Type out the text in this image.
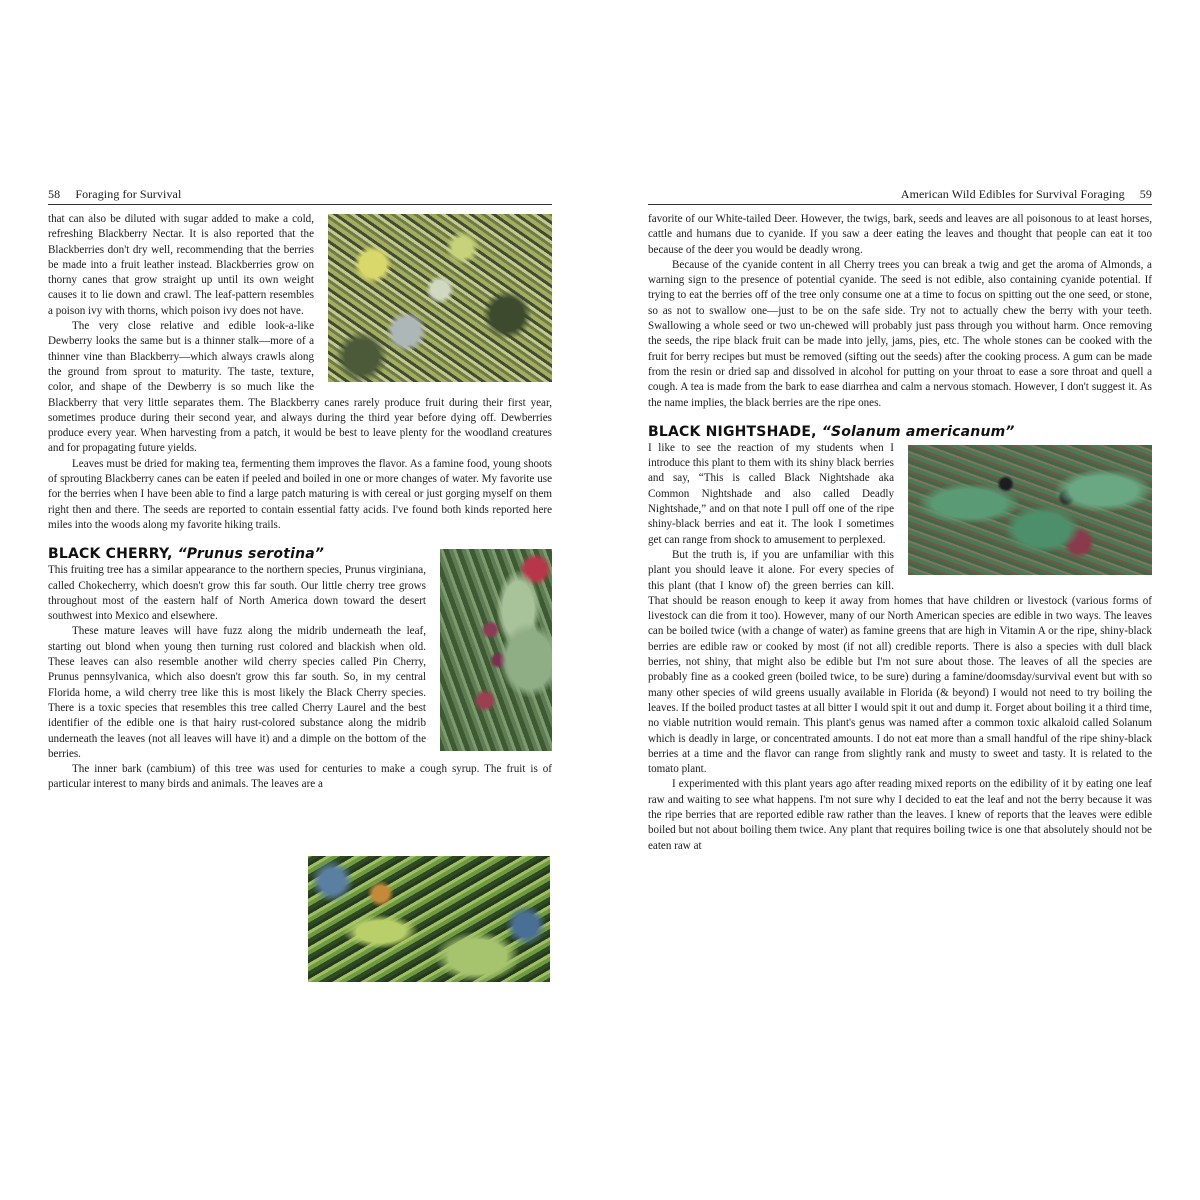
58 Foraging for Survival

that can also be diluted with sugar added to make a cold, refreshing Blackberry Nectar. It is also reported that the Blackberries don't dry well, recommending that the berries be made into a fruit leather instead. Blackberries grow on thorny canes that grow straight up until its own weight causes it to lie down and crawl. The leaf-pattern resembles a poison ivy with thorns, which poison ivy does not have.

The very close relative and edible look-a-like Dewberry looks the same but is a thinner stalk—more of a thinner vine than Blackberry—which always crawls along the ground from sprout to maturity. The taste, texture, color, and shape of the Dewberry is so much like the Blackberry that very little separates them. The Blackberry canes rarely produce fruit during their first year, sometimes produce during their second year, and always during the third year before dying off. Dewberries produce every year. When harvesting from a patch, it would be best to leave plenty for the woodland creatures and for propagating future yields.

Leaves must be dried for making tea, fermenting them improves the flavor. As a famine food, young shoots of sprouting Blackberry canes can be eaten if peeled and boiled in one or more changes of water. My favorite use for the berries when I have been able to find a large patch maturing is with cereal or just gorging myself on them right then and there. The seeds are reported to contain essential fatty acids. I've found both kinds reported here miles into the woods along my favorite hiking trails.

BLACK CHERRY, “Prunus serotina”

This fruiting tree has a similar appearance to the northern species, Prunus virginiana, called Chokecherry, which doesn't grow this far south. Our little cherry tree grows throughout most of the eastern half of North America down toward the desert southwest into Mexico and elsewhere.

These mature leaves will have fuzz along the midrib underneath the leaf, starting out blond when young then turning rust colored and blackish when old. These leaves can also resemble another wild cherry species called Pin Cherry, Prunus pennsylvanica, which also doesn't grow this far south. So, in my central Florida home, a wild cherry tree like this is most likely the Black Cherry species. There is a toxic species that resembles this tree called Cherry Laurel and the best identifier of the edible one is that hairy rust-colored substance along the midrib underneath the leaves (not all leaves will have it) and a dimple on the bottom of the berries.

The inner bark (cambium) of this tree was used for centuries to make a cough syrup. The fruit is of particular interest to many birds and animals. The leaves are a

American Wild Edibles for Survival Foraging 59

favorite of our White-tailed Deer. However, the twigs, bark, seeds and leaves are all poisonous to at least horses, cattle and humans due to cyanide. If you saw a deer eating the leaves and thought that people can eat it too because of the deer you would be deadly wrong.

Because of the cyanide content in all Cherry trees you can break a twig and get the aroma of Almonds, a warning sign to the presence of potential cyanide. The seed is not edible, also containing cyanide potential. If trying to eat the berries off of the tree only consume one at a time to focus on spitting out the one seed, or stone, so as not to swallow one—just to be on the safe side. Try not to actually chew the berry with your teeth. Swallowing a whole seed or two un-chewed will probably just pass through you without harm. Once removing the seeds, the ripe black fruit can be made into jelly, jams, pies, etc. The whole stones can be cooked with the fruit for berry recipes but must be removed (sifting out the seeds) after the cooking process. A gum can be made from the resin or dried sap and dissolved in alcohol for putting on your throat to ease a sore throat and quell a cough. A tea is made from the bark to ease diarrhea and calm a nervous stomach. However, I don't suggest it. As the name implies, the black berries are the ripe ones.

BLACK NIGHTSHADE, “Solanum americanum”

I like to see the reaction of my students when I introduce this plant to them with its shiny black berries and say, “This is called Black Nightshade aka Common Nightshade and also called Deadly Nightshade,” and on that note I pull off one of the ripe shiny-black berries and eat it. The look I sometimes get can range from shock to amusement to perplexed.

But the truth is, if you are unfamiliar with this plant you should leave it alone. For every species of this plant (that I know of) the green berries can kill. That should be reason enough to keep it away from homes that have children or livestock (various forms of livestock can die from it too). However, many of our North American species are edible in two ways. The leaves can be boiled twice (with a change of water) as famine greens that are high in Vitamin A or the ripe, shiny-black berries are edible raw or cooked by most (if not all) credible reports. There is also a species with dull black berries, not shiny, that might also be edible but I'm not sure about those. The leaves of all the species are probably fine as a cooked green (boiled twice, to be sure) during a famine/doomsday/survival event but with so many other species of wild greens usually available in Florida (& beyond) I would not need to try boiling the leaves. If the boiled product tastes at all bitter I would spit it out and dump it. Forget about boiling it a third time, no viable nutrition would remain. This plant's genus was named after a common toxic alkaloid called Solanum which is deadly in large, or concentrated amounts. I do not eat more than a small handful of the ripe shiny-black berries at a time and the flavor can range from slightly rank and musty to sweet and tasty. It is related to the tomato plant.

I experimented with this plant years ago after reading mixed reports on the edibility of it by eating one leaf raw and waiting to see what happens. I'm not sure why I decided to eat the leaf and not the berry because it was the ripe berries that are reported edible raw rather than the leaves. I knew of reports that the leaves were edible boiled but not about boiling them twice. Any plant that requires boiling twice is one that absolutely should not be eaten raw at
